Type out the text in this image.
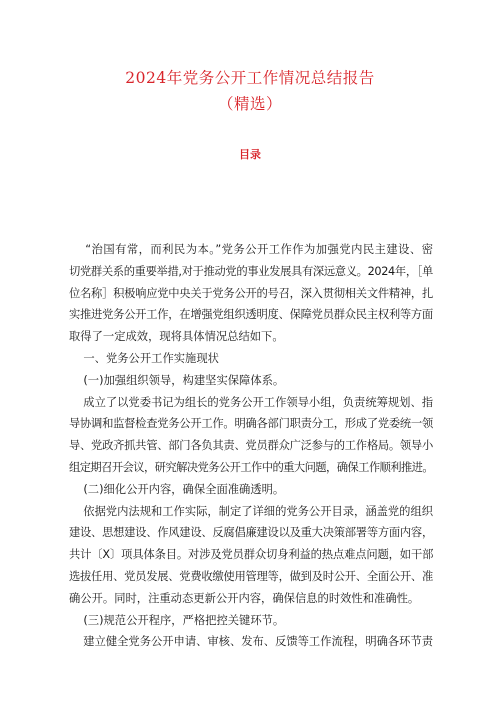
2024年党务公开工作情况总结报告
（精选）
目录
“治国有常，而利民为本。”党务公开工作作为加强党内民主建设、密
切党群关系的重要举措,对于推动党的事业发展具有深远意义。2024年，［单
位名称］积极响应党中央关于党务公开的号召，深入贯彻相关文件精神，扎
实推进党务公开工作，在增强党组织透明度、保障党员群众民主权利等方面
取得了一定成效，现将具体情况总结如下。
一、党务公开工作实施现状
(一)加强组织领导，构建坚实保障体系。
成立了以党委书记为组长的党务公开工作领导小组，负责统筹规划、指
导协调和监督检查党务公开工作。明确各部门职责分工，形成了党委统一领
导、党政齐抓共管、部门各负其责、党员群众广泛参与的工作格局。领导小
组定期召开会议，研究解决党务公开工作中的重大问题，确保工作顺利推进。
(二)细化公开内容，确保全面准确透明。
依据党内法规和工作实际，制定了详细的党务公开目录，涵盖党的组织
建设、思想建设、作风建设、反腐倡廉建设以及重大决策部署等方面内容，
共计〔X〕项具体条目。对涉及党员群众切身利益的热点难点问题，如干部
选拔任用、党员发展、党费收缴使用管理等，做到及时公开、全面公开、准
确公开。同时，注重动态更新公开内容，确保信息的时效性和准确性。
(三)规范公开程序，严格把控关键环节。
建立健全党务公开申请、审核、发布、反馈等工作流程，明确各环节责
